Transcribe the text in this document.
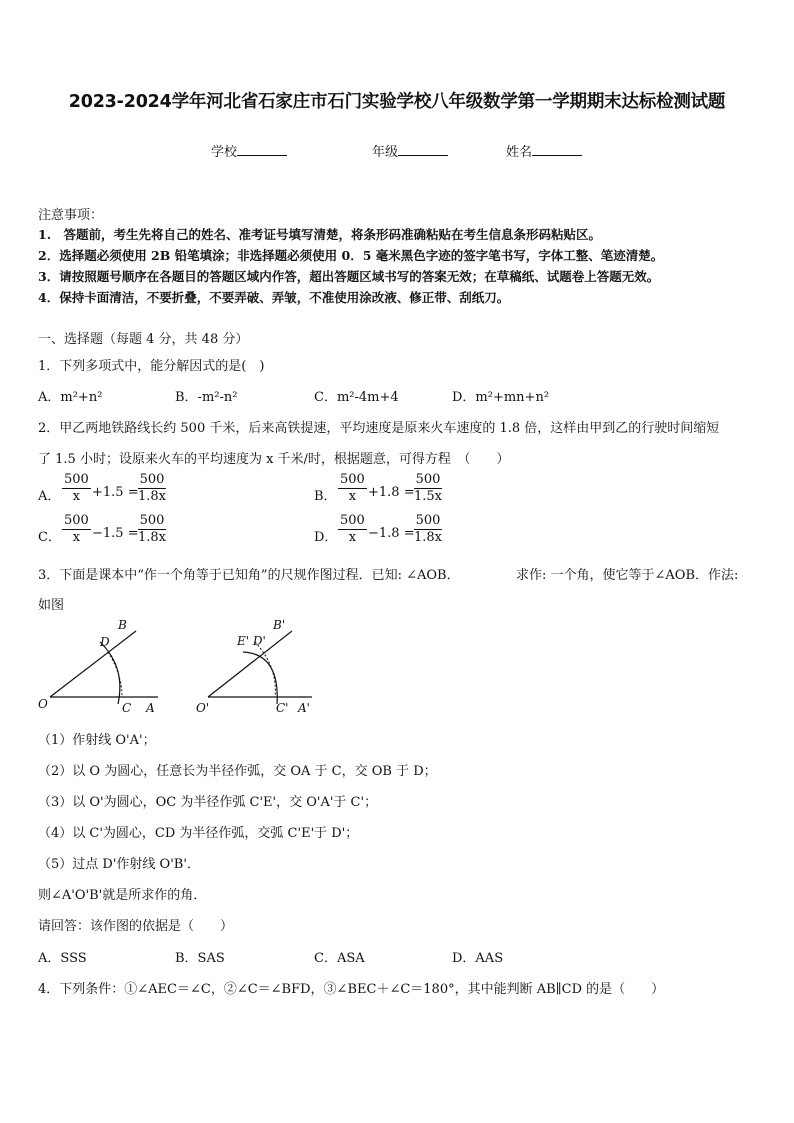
2023-2024学年河北省石家庄市石门实验学校八年级数学第一学期期末达标检测试题
学校	年级	姓名
注意事项：
1.　答题前，考生先将自己的姓名、准考证号填写清楚，将条形码准确粘贴在考生信息条形码粘贴区。
2．选择题必须使用 2B 铅笔填涂；非选择题必须使用 0．5 毫米黑色字迹的签字笔书写，字体工整、笔迹清楚。
3．请按照题号顺序在各题目的答题区域内作答，超出答题区域书写的答案无效；在草稿纸、试题卷上答题无效。
4．保持卡面清洁，不要折叠，不要弄破、弄皱，不准使用涂改液、修正带、刮纸刀。
一、选择题（每题 4 分，共 48 分）
1．下列多项式中，能分解因式的是(　)
A．m²+n²	B．-m²-n²	C．m²-4m+4	D．m²+mn+n²
2．甲乙两地铁路线长约 500 千米，后来高铁提速，平均速度是原来火车速度的 1.8 倍，这样由甲到乙的行驶时间缩短
了 1.5 小时；设原来火车的平均速度为 x 千米/时，根据题意，可得方程　（　　）
A． $\frac{500}{x} +1.5$ =
$\frac{500}{1.8x}$	B． $\frac{500}{x} +1.8$ =
$\frac{500}{1.5x}$
C． $\frac{500}{x} -1.5$ =
$\frac{500}{1.8x}$	D． $\frac{500}{x} -1.8$ =
$\frac{500}{1.8x}$
3．下面是课本中“作一个角等于已知角”的尺规作图过程．已知: ∠AOB．	求作: 一个角，使它等于∠AOB．作法:
如图
O	A
B
C
D
O'	A'
B'
C'
E' D'
（1）作射线 O'A'；
（2）以 O 为圆心，任意长为半径作弧，交 OA 于 C，交 OB 于 D；
（3）以 O'为圆心，OC 为半径作弧 C'E'，交 O'A'于 C'；
（4）以 C'为圆心，CD 为半径作弧，交弧 C'E'于 D'；
（5）过点 D'作射线 O'B'．
则∠A'O'B'就是所求作的角．
请回答：该作图的依据是（　　）
A．SSS	B．SAS	C．ASA	D．AAS
4．下列条件：①∠AEC＝∠C，②∠C＝∠BFD，③∠BEC＋∠C＝180°，其中能判断 AB∥CD 的是（　　）
